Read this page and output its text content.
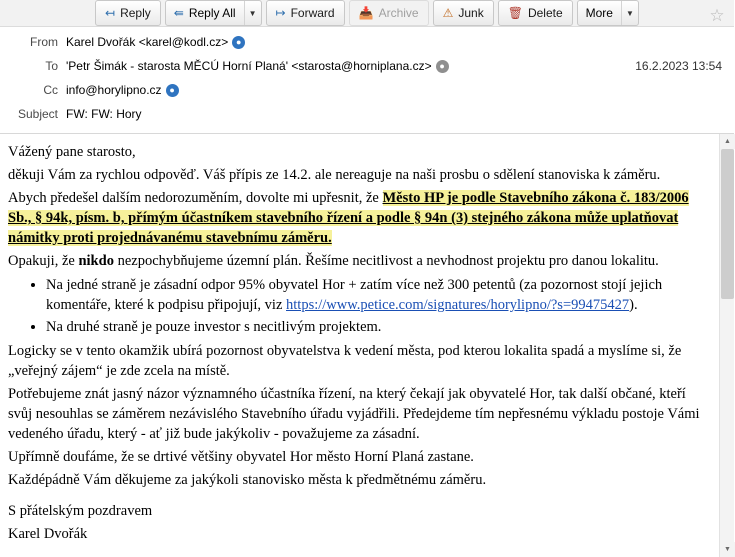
↤ Reply ⇚ Reply All	▼	↦ Forward 📥 Archive ⚠ Junk 🗑 Delete More	▼	☆
From Karel Dvořák <karel@kodl.cz> ●
To 'Petr Šimák - starosta MĚCÚ Horní Planá' <starosta@horniplana.cz> ●	16.2.2023 13:54
Cc info@horylipno.cz ●
Subject FW: FW: Hory

Vážený pane starosto,

děkuji Vám za rychlou odpověď. Váš přípis ze 14.2. ale nereaguje na naši prosbu o sdělení stanoviska k záměru.

Abych předešel dalším nedorozuměním, dovolte mi upřesnit, že Město HP je podle Stavebního zákona č. 183/2006 Sb., § 94k, písm. b, přímým účastníkem stavebního řízení a podle § 94n (3) stejného zákona může uplatňovat námitky proti projednávanému stavebnímu záměru.

Opakuji, že nikdo nezpochybňujeme územní plán. Řešíme necitlivost a nevhodnost projektu pro danou lokalitu.

• Na jedné straně je zásadní odpor 95% obyvatel Hor + zatím více než 300 petentů (za pozornost stojí jejich komentáře, které k podpisu připojují, viz https://www.petice.com/signatures/horylipno/?s=99475427).
• Na druhé straně je pouze investor s necitlivým projektem.

Logicky se v tento okamžik ubírá pozornost obyvatelstva k vedení města, pod kterou lokalita spadá a myslíme si, že „veřejný zájem“ je zde zcela na místě.

Potřebujeme znát jasný názor významného účastníka řízení, na který čekají jak obyvatelé Hor, tak další občané, kteří svůj nesouhlas se záměrem nezávislého Stavebního úřadu vyjádřili. Předejdeme tím nepřesnému výkladu postoje Vámi vedeného úřadu, který - ať již bude jakýkoliv - považujeme za zásadní.

Upřímně doufáme, že se drtivé většiny obyvatel Hor město Horní Planá zastane.

Každépádně Vám děkujeme za jakýkoli stanovisko města k předmětnému záměru.

S přátelským pozdravem

Karel Dvořák

▲
▼
